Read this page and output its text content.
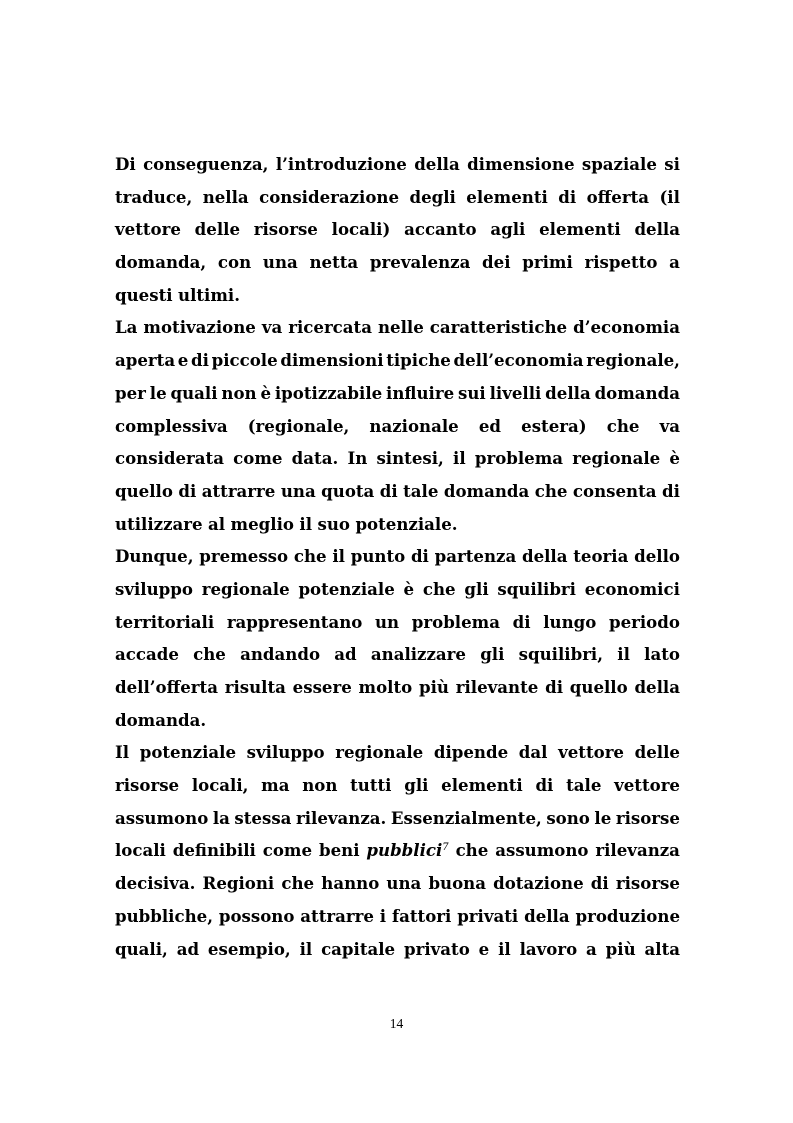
Di conseguenza, l’introduzione della dimensione spaziale si
traduce, nella considerazione degli elementi di offerta (il
vettore delle risorse locali) accanto agli elementi della
domanda, con una netta prevalenza dei primi rispetto a
questi ultimi.
La motivazione va ricercata nelle caratteristiche d’economia
aperta e di piccole dimensioni tipiche dell’economia regionale,
per le quali non è ipotizzabile influire sui livelli della domanda
complessiva (regionale, nazionale ed estera) che va
considerata come data. In sintesi, il problema regionale è
quello di attrarre una quota di tale domanda che consenta di
utilizzare al meglio il suo potenziale.
Dunque, premesso che il punto di partenza della teoria dello
sviluppo regionale potenziale è che gli squilibri economici
territoriali rappresentano un problema di lungo periodo
accade che andando ad analizzare gli squilibri, il lato
dell’offerta risulta essere molto più rilevante di quello della
domanda.
Il potenziale sviluppo regionale dipende dal vettore delle
risorse locali, ma non tutti gli elementi di tale vettore
assumono la stessa rilevanza. Essenzialmente, sono le risorse
locali definibili come beni pubblici$^7$ che assumono rilevanza
decisiva. Regioni che hanno una buona dotazione di risorse
pubbliche, possono attrarre i fattori privati della produzione
quali, ad esempio, il capitale privato e il lavoro a più alta
14
